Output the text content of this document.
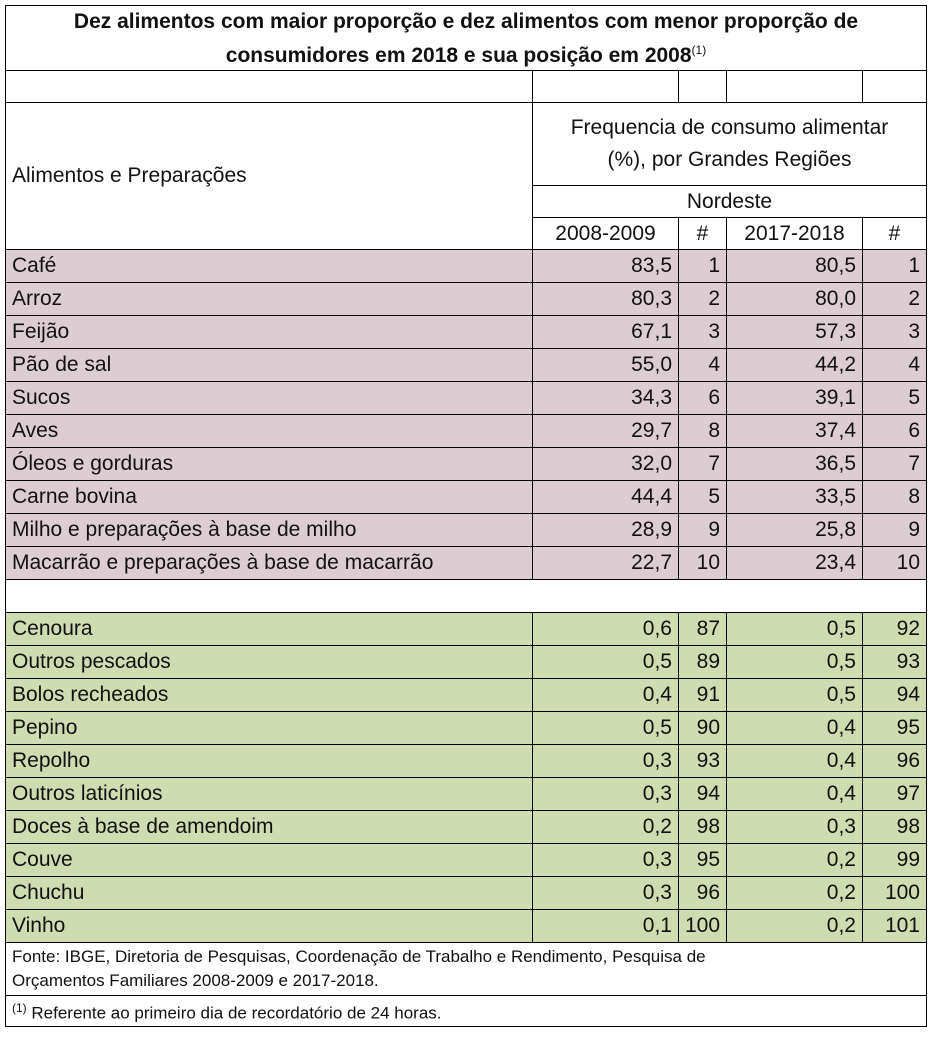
Dez alimentos com maior proporção e dez alimentos com menor proporção de
consumidores em 2018 e sua posição em 2008$^{(1)}$

Alimentos e Preparações	Frequencia de consumo alimentar
(%), por Grandes Regiões			
	Nordeste			
	2008-2009	#	2017-2018	#
Café	83,5	1	80,5	1
Arroz	80,3	2	80,0	2
Feijão	67,1	3	57,3	3
Pão de sal	55,0	4	44,2	4
Sucos	34,3	6	39,1	5
Aves	29,7	8	37,4	6
Óleos e gorduras	32,0	7	36,5	7
Carne bovina	44,4	5	33,5	8
Milho e preparações à base de milho	28,9	9	25,8	9
Macarrão e preparações à base de macarrão	22,7	10	23,4	10

Cenoura	0,6	87	0,5	92
Outros pescados	0,5	89	0,5	93
Bolos recheados	0,4	91	0,5	94
Pepino	0,5	90	0,4	95
Repolho	0,3	93	0,4	96
Outros laticínios	0,3	94	0,4	97
Doces à base de amendoim	0,2	98	0,3	98
Couve	0,3	95	0,2	99
Chuchu	0,3	96	0,2	100
Vinho	0,1	100	0,2	101
Fonte: IBGE, Diretoria de Pesquisas, Coordenação de Trabalho e Rendimento, Pesquisa de
Orçamentos Familiares 2008-2009 e 2017-2018.				
$^{(1)}$ Referente ao primeiro dia de recordatório de 24 horas.				
